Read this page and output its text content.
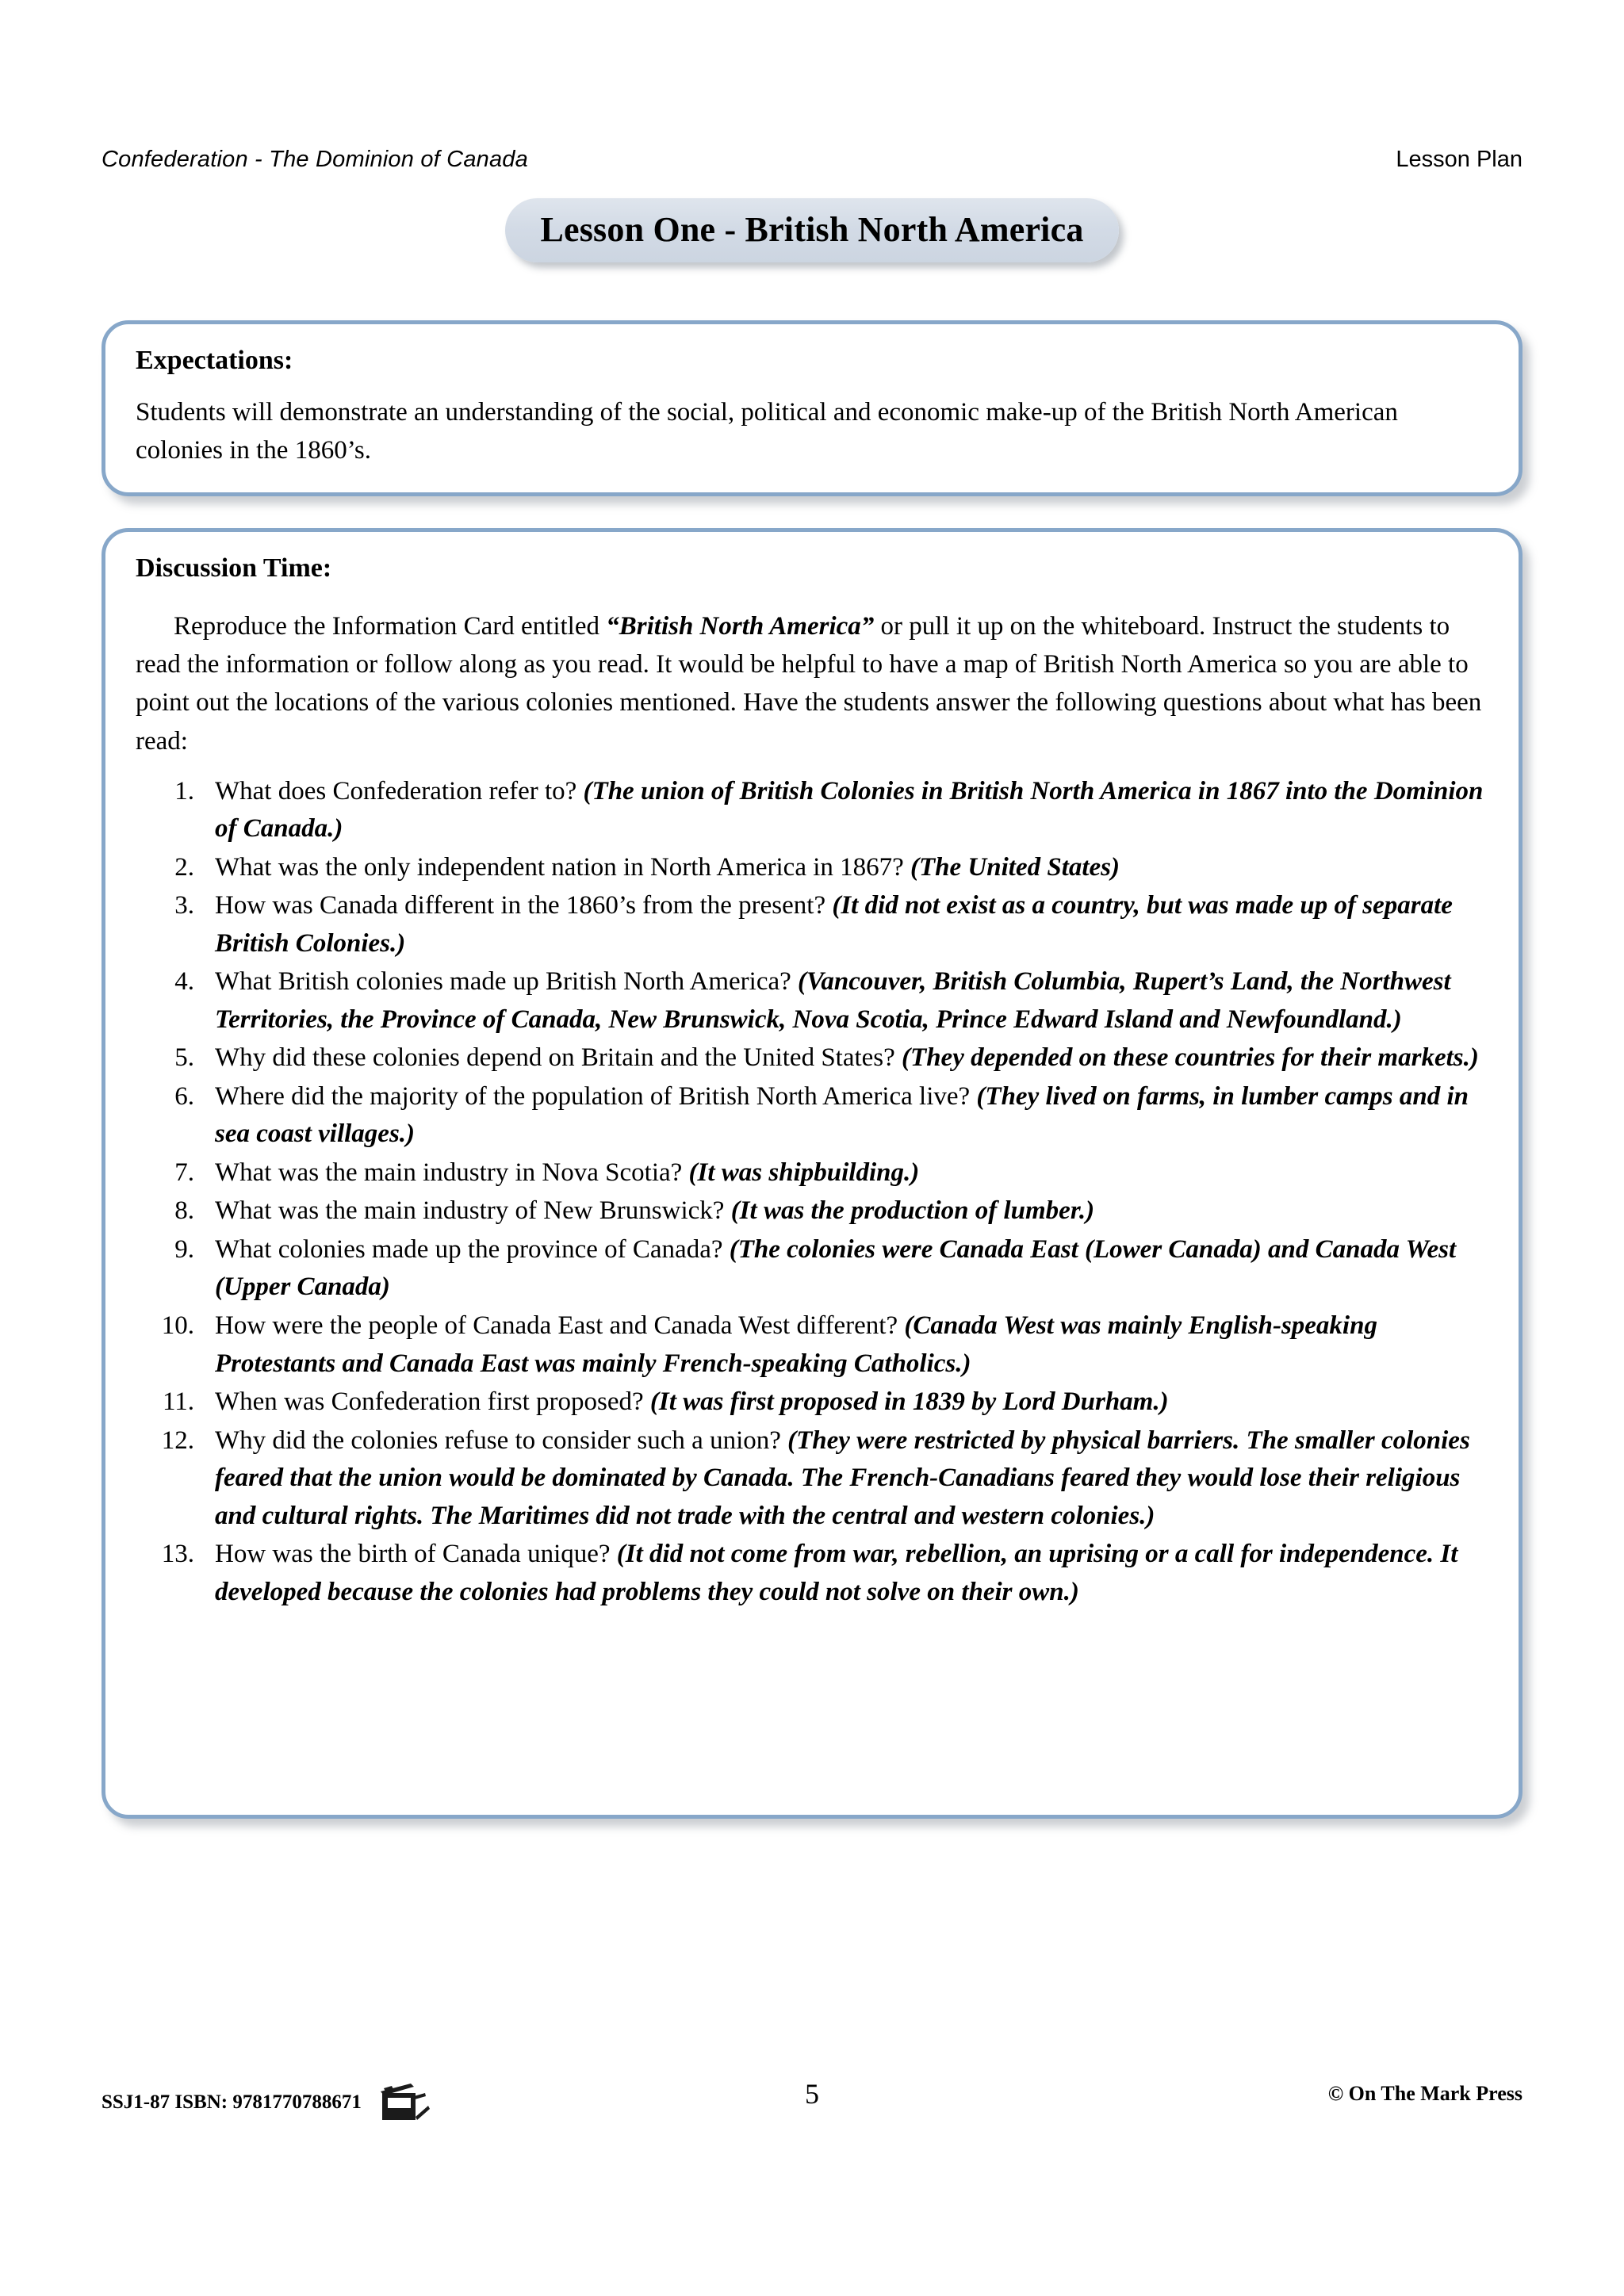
Confederation - The Dominion of Canada	Lesson Plan
Lesson One - British North America
Expectations:
Students will demonstrate an understanding of the social, political and economic make-up of the British North American colonies in the 1860’s.
Discussion Time:

Reproduce the Information Card entitled “British North America” or pull it up on the whiteboard. Instruct the students to read the information or follow along as you read. It would be helpful to have a map of British North America so you are able to point out the locations of the various colonies mentioned. Have the students answer the following questions about what has been read:

What does Confederation refer to? (The union of British Colonies in British North America in 1867 into the Dominion of Canada.)
What was the only independent nation in North America in 1867? (The United States)
How was Canada different in the 1860’s from the present? (It did not exist as a country, but was made up of separate British Colonies.)
What British colonies made up British North America? (Vancouver, British Columbia, Rupert’s Land, the Northwest Territories, the Province of Canada, New Brunswick, Nova Scotia, Prince Edward Island and Newfoundland.)
Why did these colonies depend on Britain and the United States? (They depended on these countries for their markets.)
Where did the majority of the population of British North America live? (They lived on farms, in lumber camps and in sea coast villages.)
What was the main industry in Nova Scotia? (It was shipbuilding.)
What was the main industry of New Brunswick? (It was the production of lumber.)
What colonies made up the province of Canada? (The colonies were Canada East (Lower Canada) and Canada West (Upper Canada)
How were the people of Canada East and Canada West different? (Canada West was mainly English-speaking Protestants and Canada East was mainly French-speaking Catholics.)
When was Confederation first proposed? (It was first proposed in 1839 by Lord Durham.)
Why did the colonies refuse to consider such a union? (They were restricted by physical barriers. The smaller colonies feared that the union would be dominated by Canada. The French-Canadians feared they would lose their religious and cultural rights. The Maritimes did not trade with the central and western colonies.)
How was the birth of Canada unique? (It did not come from war, rebellion, an uprising or a call for independence. It developed because the colonies had problems they could not solve on their own.)
SSJ1-87 ISBN: 9781770788671	5	© On The Mark Press
